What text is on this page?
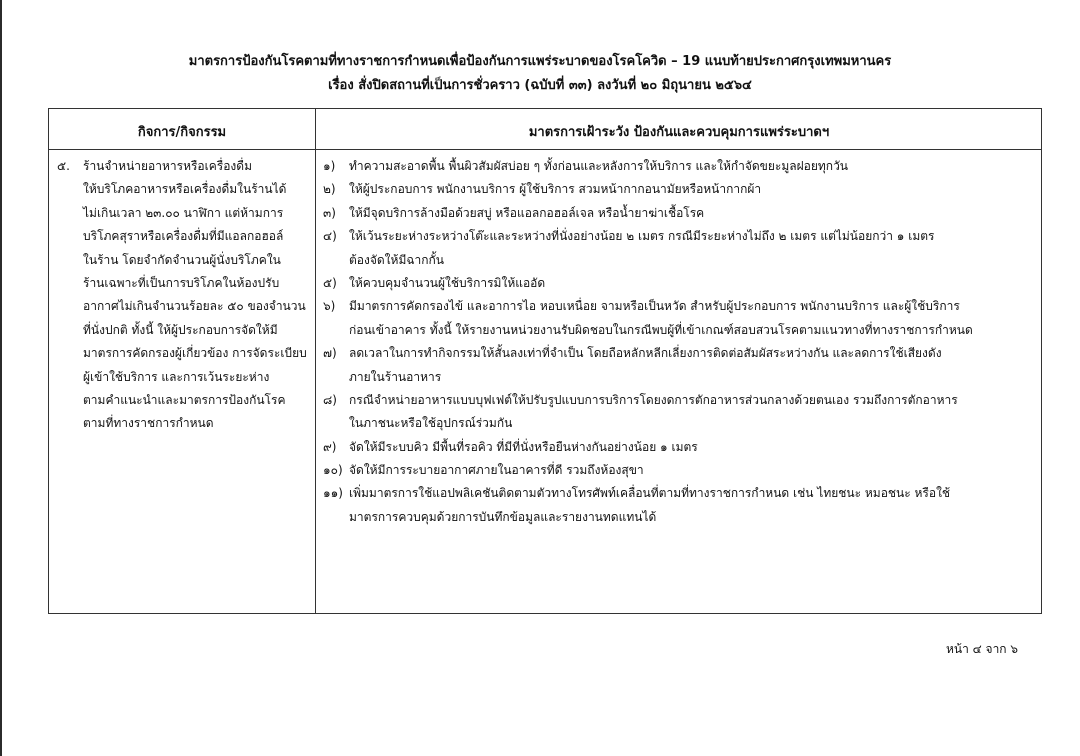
มาตรการป้องกันโรคตามที่ทางราชการกำหนดเพื่อป้องกันการแพร่ระบาดของโรคโควิด – 19 แนบท้ายประกาศกรุงเทพมหานคร
เรื่อง สั่งปิดสถานที่เป็นการชั่วคราว (ฉบับที่ ๓๓) ลงวันที่ ๒๐ มิถุนายน ๒๕๖๔
กิจการ/กิจกรรม	มาตรการเฝ้าระวัง ป้องกันและควบคุมการแพร่ระบาดฯ
๕.	ร้านจำหน่ายอาหารหรือเครื่องดื่ม
ให้บริโภคอาหารหรือเครื่องดื่มในร้านได้
ไม่เกินเวลา ๒๓.๐๐ นาฬิกา แต่ห้ามการ
บริโภคสุราหรือเครื่องดื่มที่มีแอลกอฮอล์
ในร้าน โดยจำกัดจำนวนผู้นั่งบริโภคใน
ร้านเฉพาะที่เป็นการบริโภคในห้องปรับ
อากาศไม่เกินจำนวนร้อยละ ๕๐ ของจำนวน
ที่นั่งปกติ ทั้งนี้ ให้ผู้ประกอบการจัดให้มี
มาตรการคัดกรองผู้เกี่ยวข้อง การจัดระเบียบ
ผู้เข้าใช้บริการ และการเว้นระยะห่าง
ตามคำแนะนำและมาตรการป้องกันโรค
ตามที่ทางราชการกำหนด
๑) ทำความสะอาดพื้น พื้นผิวสัมผัสบ่อย ๆ ทั้งก่อนและหลังการให้บริการ และให้กำจัดขยะมูลฝอยทุกวัน
๒) ให้ผู้ประกอบการ พนักงานบริการ ผู้ใช้บริการ สวมหน้ากากอนามัยหรือหน้ากากผ้า
๓) ให้มีจุดบริการล้างมือด้วยสบู่ หรือแอลกอฮอล์เจล หรือน้ำยาฆ่าเชื้อโรค
๔) ให้เว้นระยะห่างระหว่างโต๊ะและระหว่างที่นั่งอย่างน้อย ๒ เมตร กรณีมีระยะห่างไม่ถึง ๒ เมตร แต่ไม่น้อยกว่า ๑ เมตร
ต้องจัดให้มีฉากกั้น
๕) ให้ควบคุมจำนวนผู้ใช้บริการมิให้แออัด
๖) มีมาตรการคัดกรองไข้ และอาการไอ หอบเหนื่อย จามหรือเป็นหวัด สำหรับผู้ประกอบการ พนักงานบริการ และผู้ใช้บริการ
ก่อนเข้าอาคาร ทั้งนี้ ให้รายงานหน่วยงานรับผิดชอบในกรณีพบผู้ที่เข้าเกณฑ์สอบสวนโรคตามแนวทางที่ทางราชการกำหนด
๗) ลดเวลาในการทำกิจกรรมให้สั้นลงเท่าที่จำเป็น โดยถือหลักหลีกเลี่ยงการติดต่อสัมผัสระหว่างกัน และลดการใช้เสียงดัง
ภายในร้านอาหาร
๘) กรณีจำหน่ายอาหารแบบบุฟเฟต์ให้ปรับรูปแบบการบริการโดยงดการตักอาหารส่วนกลางด้วยตนเอง รวมถึงการตักอาหาร
ในภาชนะหรือใช้อุปกรณ์ร่วมกัน
๙) จัดให้มีระบบคิว มีพื้นที่รอคิว ที่มีที่นั่งหรือยืนห่างกันอย่างน้อย ๑ เมตร
๑๐) จัดให้มีการระบายอากาศภายในอาคารที่ดี รวมถึงห้องสุขา
๑๑) เพิ่มมาตรการใช้แอปพลิเคชันติดตามตัวทางโทรศัพท์เคลื่อนที่ตามที่ทางราชการกำหนด เช่น ไทยชนะ หมอชนะ หรือใช้
มาตรการควบคุมด้วยการบันทึกข้อมูลและรายงานทดแทนได้
หน้า ๔ จาก ๖
